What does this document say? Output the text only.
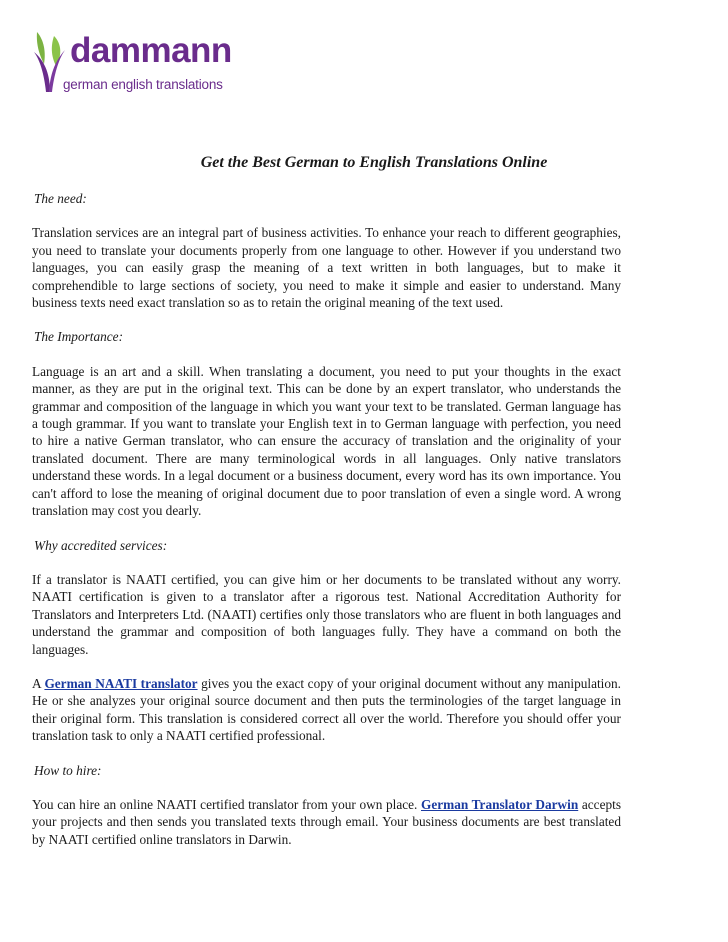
dammann
german english translations
Get the Best German to English Translations Online
The need:

Translation services are an integral part of business activities. To enhance your reach to different geographies, you need to translate your documents properly from one language to other. However if you understand two languages, you can easily grasp the meaning of a text written in both languages, but to make it comprehendible to large sections of society, you need to make it simple and easier to understand. Many business texts need exact translation so as to retain the original meaning of the text used.

The Importance:

Language is an art and a skill. When translating a document, you need to put your thoughts in the exact manner, as they are put in the original text. This can be done by an expert translator, who understands the grammar and composition of the language in which you want your text to be translated. German language has a tough grammar. If you want to translate your English text in to German language with perfection, you need to hire a native German translator, who can ensure the accuracy of translation and the originality of your translated document. There are many terminological words in all languages. Only native translators understand these words. In a legal document or a business document, every word has its own importance. You can't afford to lose the meaning of original document due to poor translation of even a single word. A wrong translation may cost you dearly.

Why accredited services:

If a translator is NAATI certified, you can give him or her documents to be translated without any worry. NAATI certification is given to a translator after a rigorous test. National Accreditation Authority for Translators and Interpreters Ltd. (NAATI) certifies only those translators who are fluent in both languages and understand the grammar and composition of both languages fully. They have a command on both the languages.

A German NAATI translator gives you the exact copy of your original document without any manipulation. He or she analyzes your original source document and then puts the terminologies of the target language in their original form. This translation is considered correct all over the world. Therefore you should offer your translation task to only a NAATI certified professional.

How to hire:

You can hire an online NAATI certified translator from your own place. German Translator Darwin accepts your projects and then sends you translated texts through email. Your business documents are best translated by NAATI certified online translators in Darwin.
